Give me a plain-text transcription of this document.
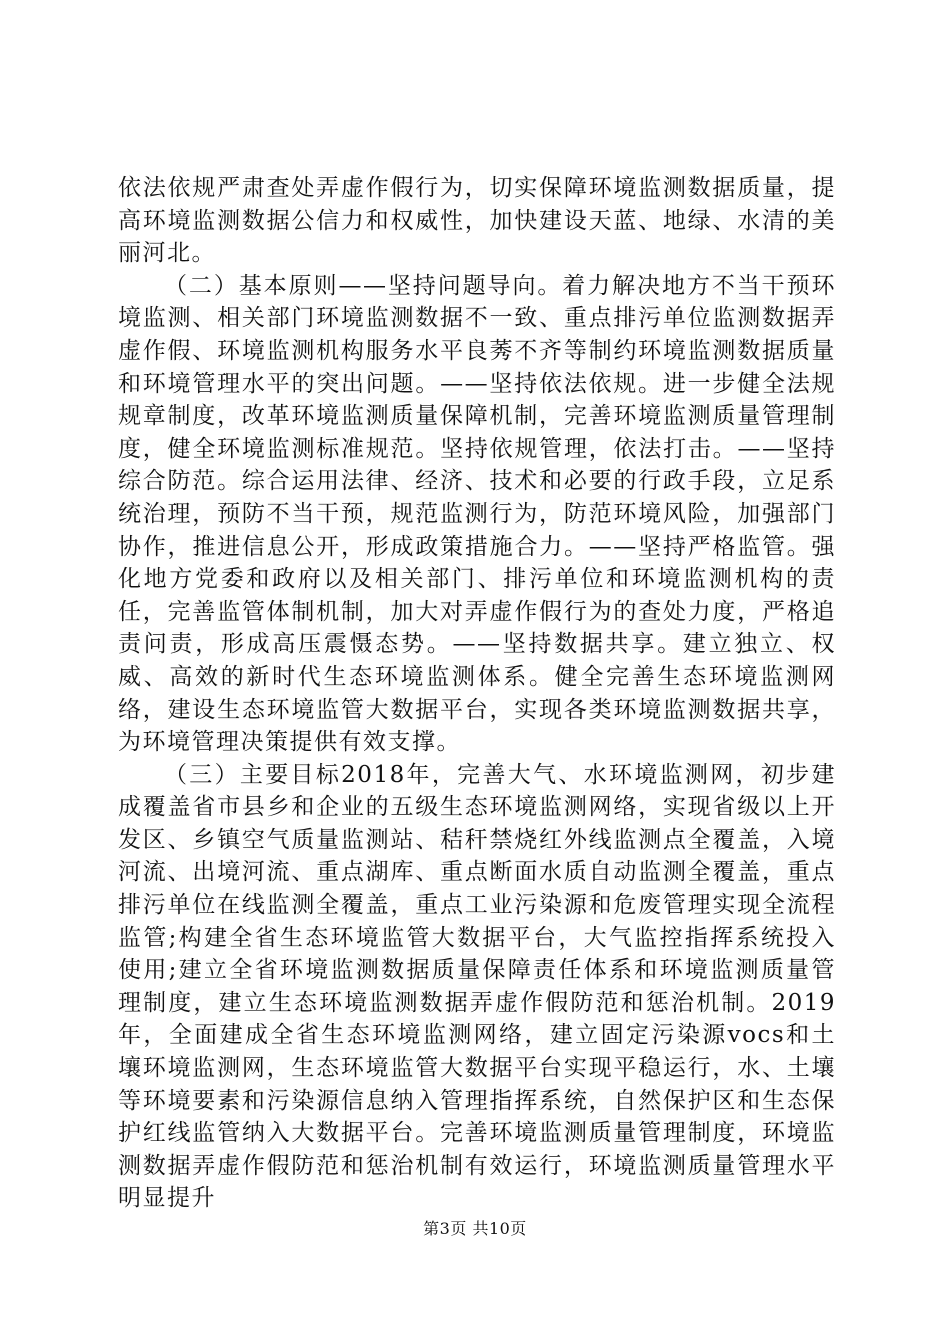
依法依规严肃查处弄虚作假行为，切实保障环境监测数据质量，提高环境监测数据公信力和权威性，加快建设天蓝、地绿、水清的美丽河北。

（二）基本原则——坚持问题导向。着力解决地方不当干预环境监测、相关部门环境监测数据不一致、重点排污单位监测数据弄虚作假、环境监测机构服务水平良莠不齐等制约环境监测数据质量和环境管理水平的突出问题。——坚持依法依规。进一步健全法规规章制度，改革环境监测质量保障机制，完善环境监测质量管理制度，健全环境监测标准规范。坚持依规管理，依法打击。——坚持综合防范。综合运用法律、经济、技术和必要的行政手段，立足系统治理，预防不当干预，规范监测行为，防范环境风险，加强部门协作，推进信息公开，形成政策措施合力。——坚持严格监管。强化地方党委和政府以及相关部门、排污单位和环境监测机构的责任，完善监管体制机制，加大对弄虚作假行为的查处力度，严格追责问责，形成高压震慑态势。——坚持数据共享。建立独立、权威、高效的新时代生态环境监测体系。健全完善生态环境监测网络，建设生态环境监管大数据平台，实现各类环境监测数据共享，为环境管理决策提供有效支撑。

（三）主要目标2018年，完善大气、水环境监测网，初步建成覆盖省市县乡和企业的五级生态环境监测网络，实现省级以上开发区、乡镇空气质量监测站、秸秆禁烧红外线监测点全覆盖，入境河流、出境河流、重点湖库、重点断面水质自动监测全覆盖，重点排污单位在线监测全覆盖，重点工业污染源和危废管理实现全流程监管;构建全省生态环境监管大数据平台，大气监控指挥系统投入使用;建立全省环境监测数据质量保障责任体系和环境监测质量管理制度，建立生态环境监测数据弄虚作假防范和惩治机制。2019年，全面建成全省生态环境监测网络，建立固定污染源vocs和土壤环境监测网，生态环境监管大数据平台实现平稳运行，水、土壤等环境要素和污染源信息纳入管理指挥系统，自然保护区和生态保护红线监管纳入大数据平台。完善环境监测质量管理制度，环境监测数据弄虚作假防范和惩治机制有效运行，环境监测质量管理水平明显提升

第3页 共10页
